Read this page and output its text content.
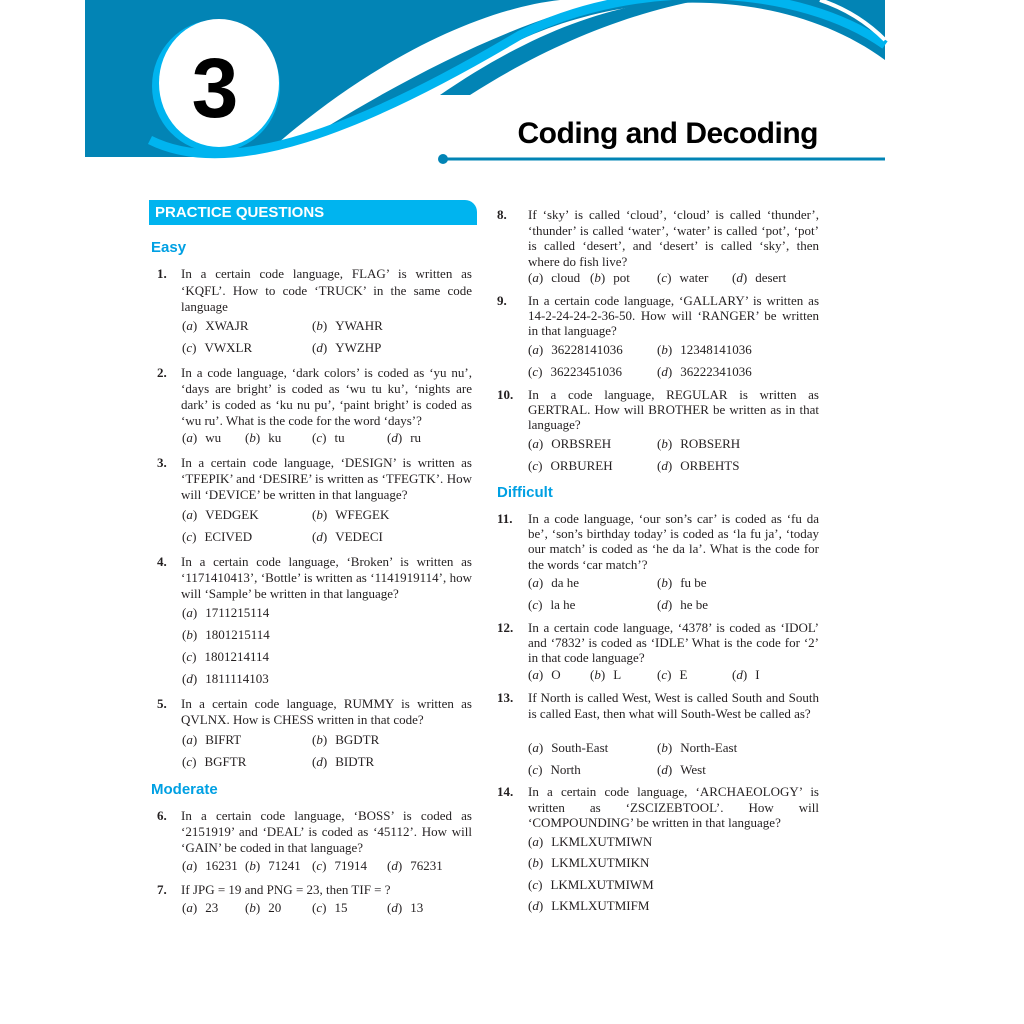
3	Coding and Decoding
PRACTICE QUESTIONS
Easy
Moderate
Difficult
1. In a certain code language, FLAG’ is written as ‘KQFL’. How to code ‘TRUCK’ in the same code language
( a ) XWAJR	( b ) YWAHR
( c ) VWXLR	( d ) YWZHP
2. In a code language, ‘dark colors’ is coded as ‘yu nu’, ‘days are bright’ is coded as ‘wu tu ku’, ‘nights are dark’ is coded as ‘ku nu pu’, ‘paint bright’ is coded as ‘wu ru’. What is the code for the word ‘days’?
( a ) wu	( b ) ku	( c ) tu	( d ) ru
3. In a certain code language, ‘DESIGN’ is written as ‘TFEPIK’ and ‘DESIRE’ is written as ‘TFEGTK’. How will ‘DEVICE’ be written in that language?
( a ) VEDGEK	( b ) WFEGEK
( c ) ECIVED	( d ) VEDECI
4. In a certain code language, ‘Broken’ is written as ‘1171410413’, ‘Bottle’ is written as ‘1141919114’, how will ‘Sample’ be written in that language?
( a ) 1711215114
( b ) 1801215114
( c ) 1801214114
( d ) 1811114103
5. In a certain code language, RUMMY is written as QVLNX. How is CHESS written in that code?
( a ) BIFRT	( b ) BGDTR
( c ) BGFTR	( d ) BIDTR
6. In a certain code language, ‘BOSS’ is coded as ‘2151919’ and ‘DEAL’ is coded as ‘45112’. How will ‘GAIN’ be coded in that language?
( a ) 16231 ( b ) 71241	( c ) 71914	( d ) 76231
7. If JPG = 19 and PNG = 23, then TIF = ?
( a ) 23	( b ) 20	( c ) 15	( d ) 13
8. If ‘sky’ is called ‘cloud’, ‘cloud’ is called ‘thunder’, ‘thunder’ is called ‘water’, ‘water’ is called ‘pot’, ‘pot’ is called ‘desert’, and ‘desert’ is called ‘sky’, then where do fish live?
( a ) cloud	( b ) pot	( c ) water	( d ) desert
9. In a certain code language, ‘GALLARY’ is written as 14-2-24-24-2-36-50. How will ‘RANGER’ be written in that language?
( a ) 36228141036	( b ) 12348141036
( c ) 36223451036	( d ) 36222341036
10. In a code language, REGULAR is written as GERTRAL. How will BROTHER be written as in that language?
( a ) ORBSREH	( b ) ROBSERH
( c ) ORBUREH	( d ) ORBEHTS
11. In a code language, ‘our son’s car’ is coded as ‘fu da be’, ‘son’s birthday today’ is coded as ‘la fu ja’, ‘today our match’ is coded as ‘he da la’. What is the code for the words ‘car match’?
( a ) da he	( b ) fu be
( c ) la he	( d ) he be
12. In a certain code language, ‘4378’ is coded as ‘IDOL’ and ‘7832’ is coded as ‘IDLE’ What is the code for ‘2’ in that code language?
( a ) O	( b ) L	( c ) E	( d ) I
13. If North is called West, West is called South and South is called East, then what will South-West be called as?
( a ) South-East	( b ) North-East
( c ) North	( d ) West
14. In a certain code language, ‘ARCHAEOLOGY’ is written as ‘ZSCIZEBTOOL’. How will ‘COMPOUNDING’ be written in that language?
( a ) LKMLXUTMIWN
( b ) LKMLXUTMIKN
( c ) LKMLXUTMIWM
( d ) LKMLXUTMIFM
